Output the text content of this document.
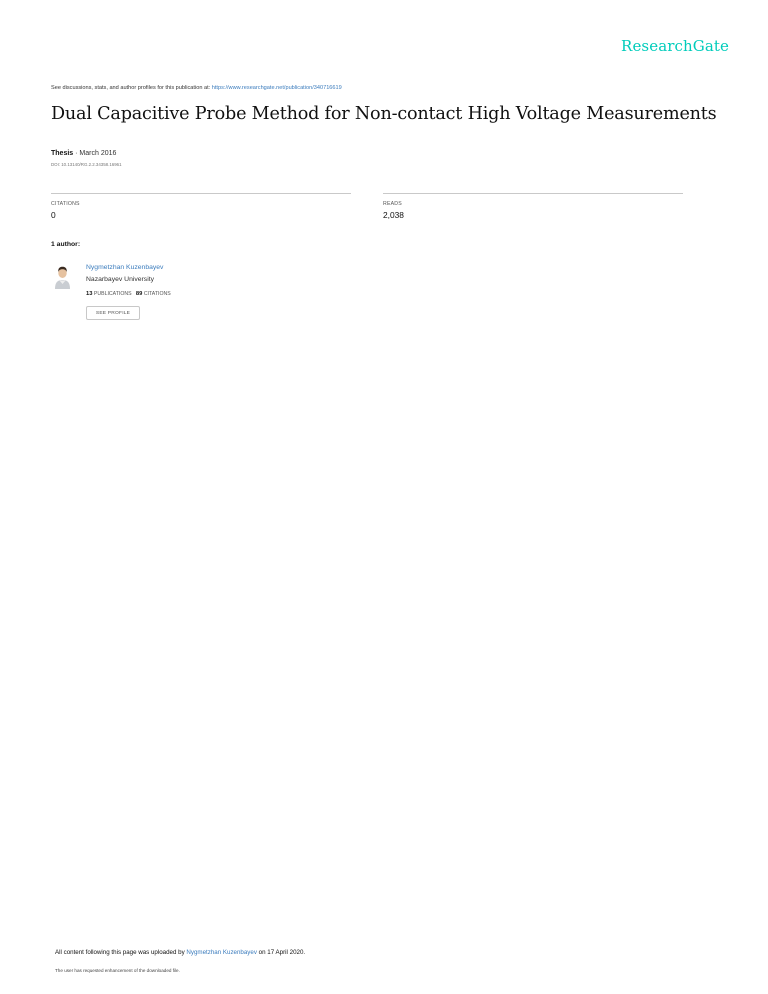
ResearchGate
See discussions, stats, and author profiles for this publication at: https://www.researchgate.net/publication/340716619
Dual Capacitive Probe Method for Non-contact High Voltage Measurements
Thesis · March 2016
DOI: 10.13140/RG.2.2.34358.16961
CITATIONS
0
READS
2,038
1 author:
Nygmetzhan Kuzenbayev
Nazarbayev University
13 PUBLICATIONS 89 CITATIONS
SEE PROFILE
All content following this page was uploaded by Nygmetzhan Kuzenbayev on 17 April 2020.
The user has requested enhancement of the downloaded file.
